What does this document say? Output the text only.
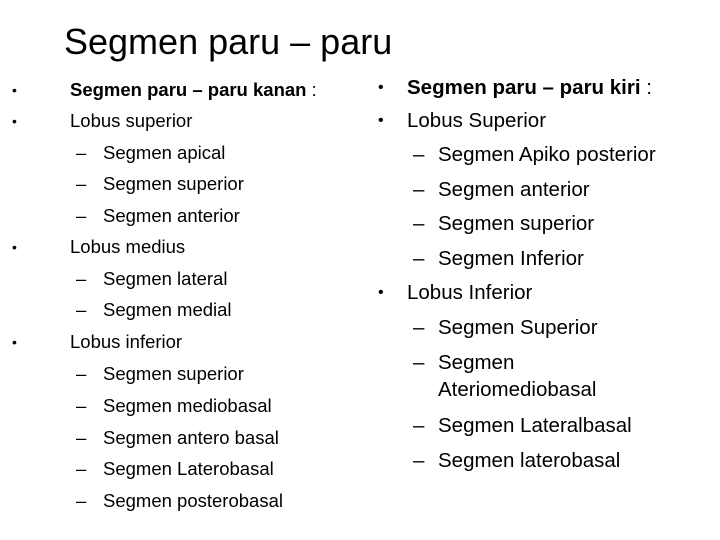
Segmen paru – paru
•	Segmen paru – paru kanan :
•	Lobus superior
– Segmen apical
– Segmen superior
– Segmen anterior
•	Lobus medius
– Segmen lateral
– Segmen medial
•	Lobus inferior
– Segmen superior
– Segmen mediobasal
– Segmen antero basal
– Segmen Laterobasal
– Segmen posterobasal
• Segmen paru – paru kiri :
• Lobus Superior
– Segmen Apiko posterior
– Segmen anterior
– Segmen superior
– Segmen Inferior
• Lobus Inferior
– Segmen Superior
– Segmen
Ateriomediobasal
– Segmen Lateralbasal
– Segmen laterobasal
